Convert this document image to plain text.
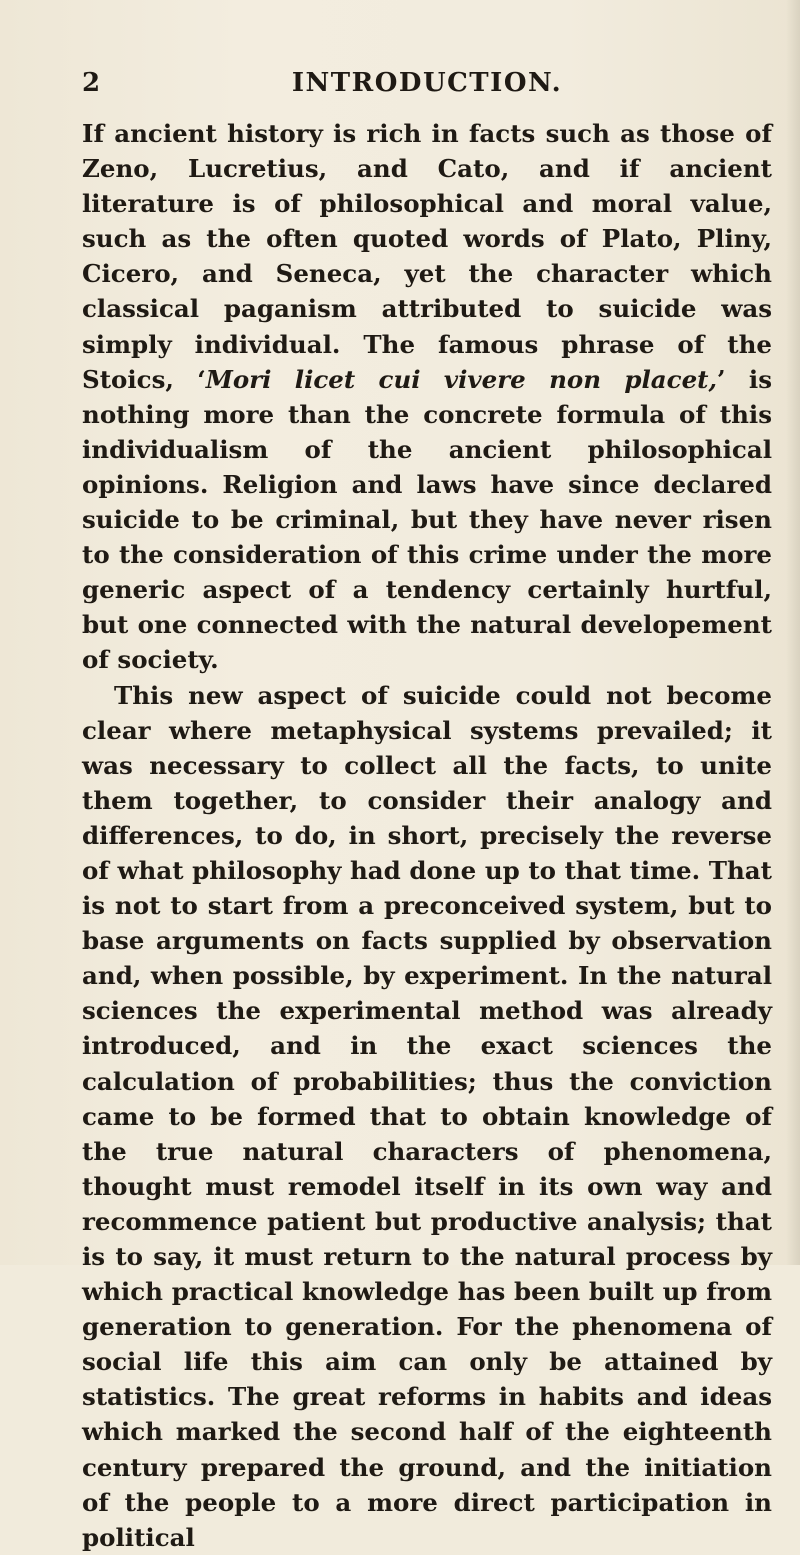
2	INTRODUCTION.

If ancient history is rich in facts such as those of Zeno, Lucretius, and Cato, and if ancient literature is of philosophical and moral value, such as the often quoted words of Plato, Pliny, Cicero, and Seneca, yet the character which classical paganism attributed to suicide was simply individual. The famous phrase of the Stoics, ‘Mori licet cui vivere non placet,’ is nothing more than the concrete formula of this individualism of the ancient philosophical opinions. Religion and laws have since declared suicide to be criminal, but they have never risen to the consideration of this crime under the more generic aspect of a tendency certainly hurtful, but one connected with the natural developement of society.

This new aspect of suicide could not become clear where metaphysical systems prevailed; it was necessary to collect all the facts, to unite them together, to consider their analogy and differences, to do, in short, precisely the reverse of what philosophy had done up to that time. That is not to start from a preconceived system, but to base arguments on facts supplied by observation and, when possible, by experiment. In the natural sciences the experimental method was already introduced, and in the exact sciences the calculation of probabilities; thus the conviction came to be formed that to obtain knowledge of the true natural characters of phenomena, thought must remodel itself in its own way and recommence patient but productive analysis; that is to say, it must return to the natural process by which practical knowledge has been built up from generation to generation. For the phenomena of social life this aim can only be attained by statistics. The great reforms in habits and ideas which marked the second half of the eighteenth century prepared the ground, and the initiation of the people to a more direct participation in political
